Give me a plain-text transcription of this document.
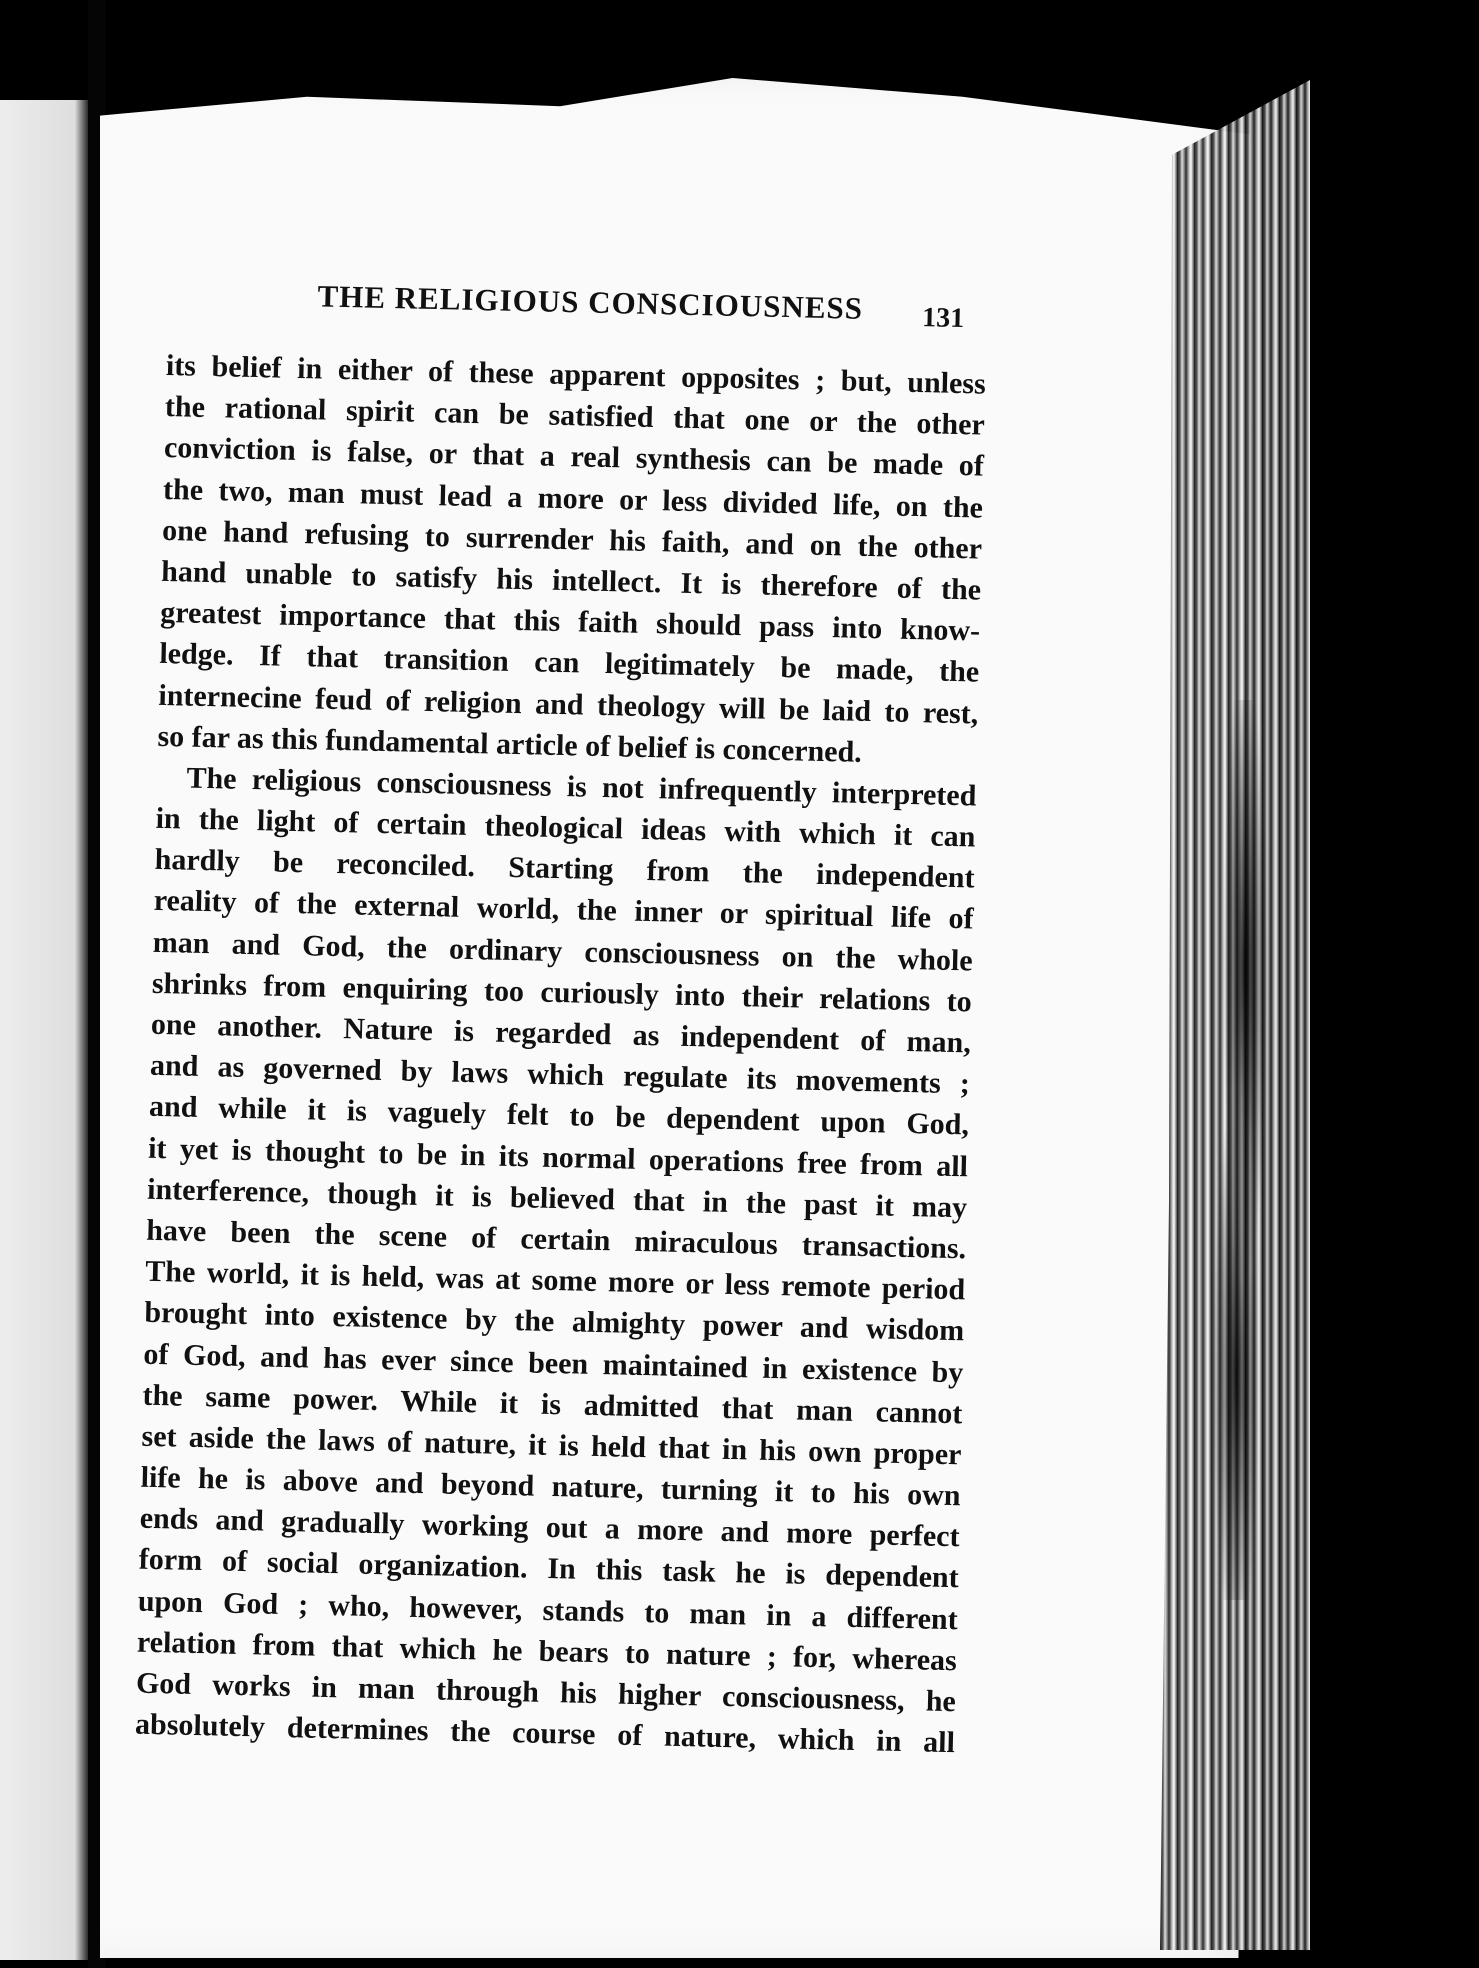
THE RELIGIOUS CONSCIOUSNESS 131
its belief in either of these apparent opposites ; but, unless
the rational spirit can be satisfied that one or the other
conviction is false, or that a real synthesis can be made of
the two, man must lead a more or less divided life, on the
one hand refusing to surrender his faith, and on the other
hand unable to satisfy his intellect. It is therefore of the
greatest importance that this faith should pass into know-
ledge. If that transition can legitimately be made, the
internecine feud of religion and theology will be laid to rest,
so far as this fundamental article of belief is concerned.
The religious consciousness is not infrequently interpreted
in the light of certain theological ideas with which it can
hardly be reconciled. Starting from the independent
reality of the external world, the inner or spiritual life of
man and God, the ordinary consciousness on the whole
shrinks from enquiring too curiously into their relations to
one another. Nature is regarded as independent of man,
and as governed by laws which regulate its movements ;
and while it is vaguely felt to be dependent upon God,
it yet is thought to be in its normal operations free from all
interference, though it is believed that in the past it may
have been the scene of certain miraculous transactions.
The world, it is held, was at some more or less remote period
brought into existence by the almighty power and wisdom
of God, and has ever since been maintained in existence by
the same power. While it is admitted that man cannot
set aside the laws of nature, it is held that in his own proper
life he is above and beyond nature, turning it to his own
ends and gradually working out a more and more perfect
form of social organization. In this task he is dependent
upon God ; who, however, stands to man in a different
relation from that which he bears to nature ; for, whereas
God works in man through his higher consciousness, he
absolutely determines the course of nature, which in all
